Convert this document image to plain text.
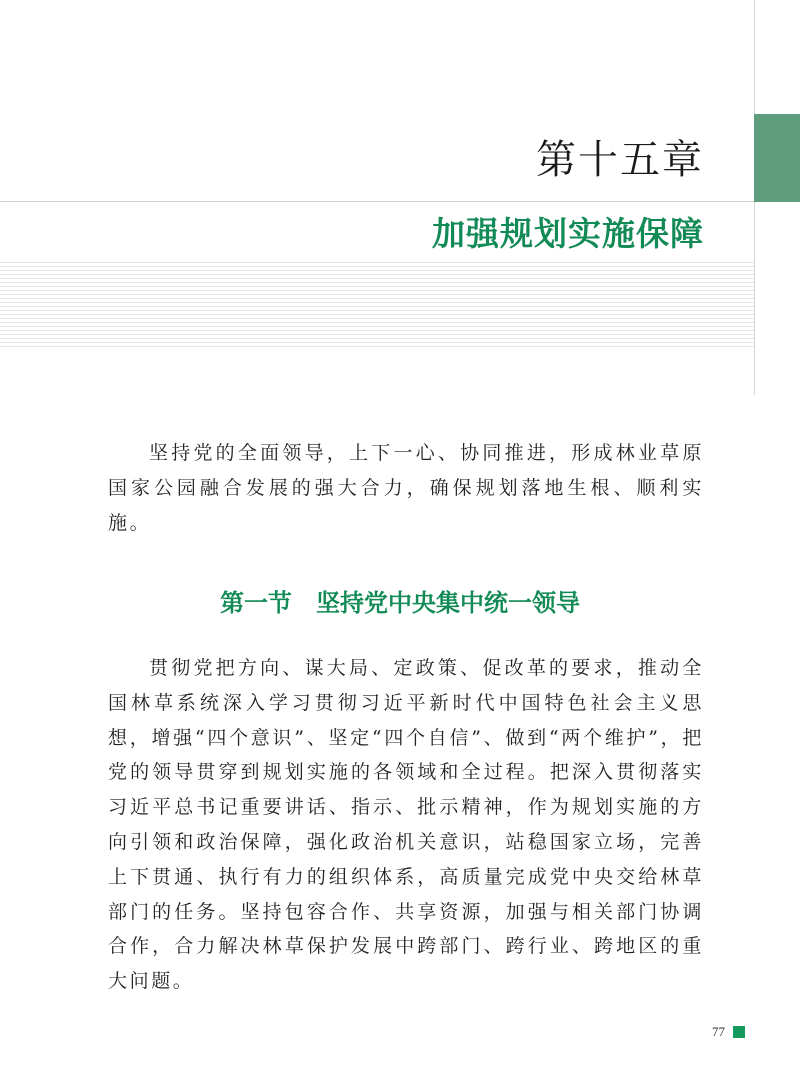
第十五章
加强规划实施保障

坚持党的全面领导，上下一心、协同推进，形成林业草原国家公园融合发展的强大合力，确保规划落地生根、顺利实施。

第一节　坚持党中央集中统一领导

贯彻党把方向、谋大局、定政策、促改革的要求，推动全国林草系统深入学习贯彻习近平新时代中国特色社会主义思想，增强“四个意识”、坚定“四个自信”、做到“两个维护”，把党的领导贯穿到规划实施的各领域和全过程。把深入贯彻落实习近平总书记重要讲话、指示、批示精神，作为规划实施的方向引领和政治保障，强化政治机关意识，站稳国家立场，完善上下贯通、执行有力的组织体系，高质量完成党中央交给林草部门的任务。坚持包容合作、共享资源，加强与相关部门协调合作，合力解决林草保护发展中跨部门、跨行业、跨地区的重大问题。

77
